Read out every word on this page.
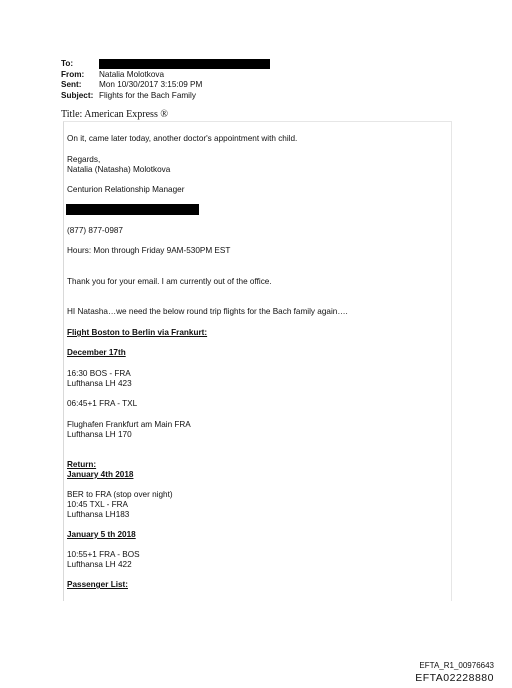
To:
From:	Natalia Molotkova
Sent:	Mon 10/30/2017 3:15:09 PM
Subject: Flights for the Bach Family
Title: American Express ®
On it, came later today, another doctor's appointment with child.
Regards,
Natalia (Natasha) Molotkova
Centurion Relationship Manager
(877) 877-0987
Hours: Mon through Friday 9AM-530PM EST
Thank you for your email. I am currently out of the office.
HI Natasha…we need the below round trip flights for the Bach family again….
Flight Boston to Berlin via Frankurt:
December 17th
16:30 BOS - FRA
Lufthansa LH 423
06:45+1 FRA - TXL
Flughafen Frankfurt am Main FRA
Lufthansa LH 170
Return:
January 4th 2018
BER to FRA (stop over night)
10:45 TXL - FRA
Lufthansa LH183
January 5 th 2018
10:55+1 FRA - BOS
Lufthansa LH 422
Passenger List:
EFTA_R1_00976643
EFTA02228880
